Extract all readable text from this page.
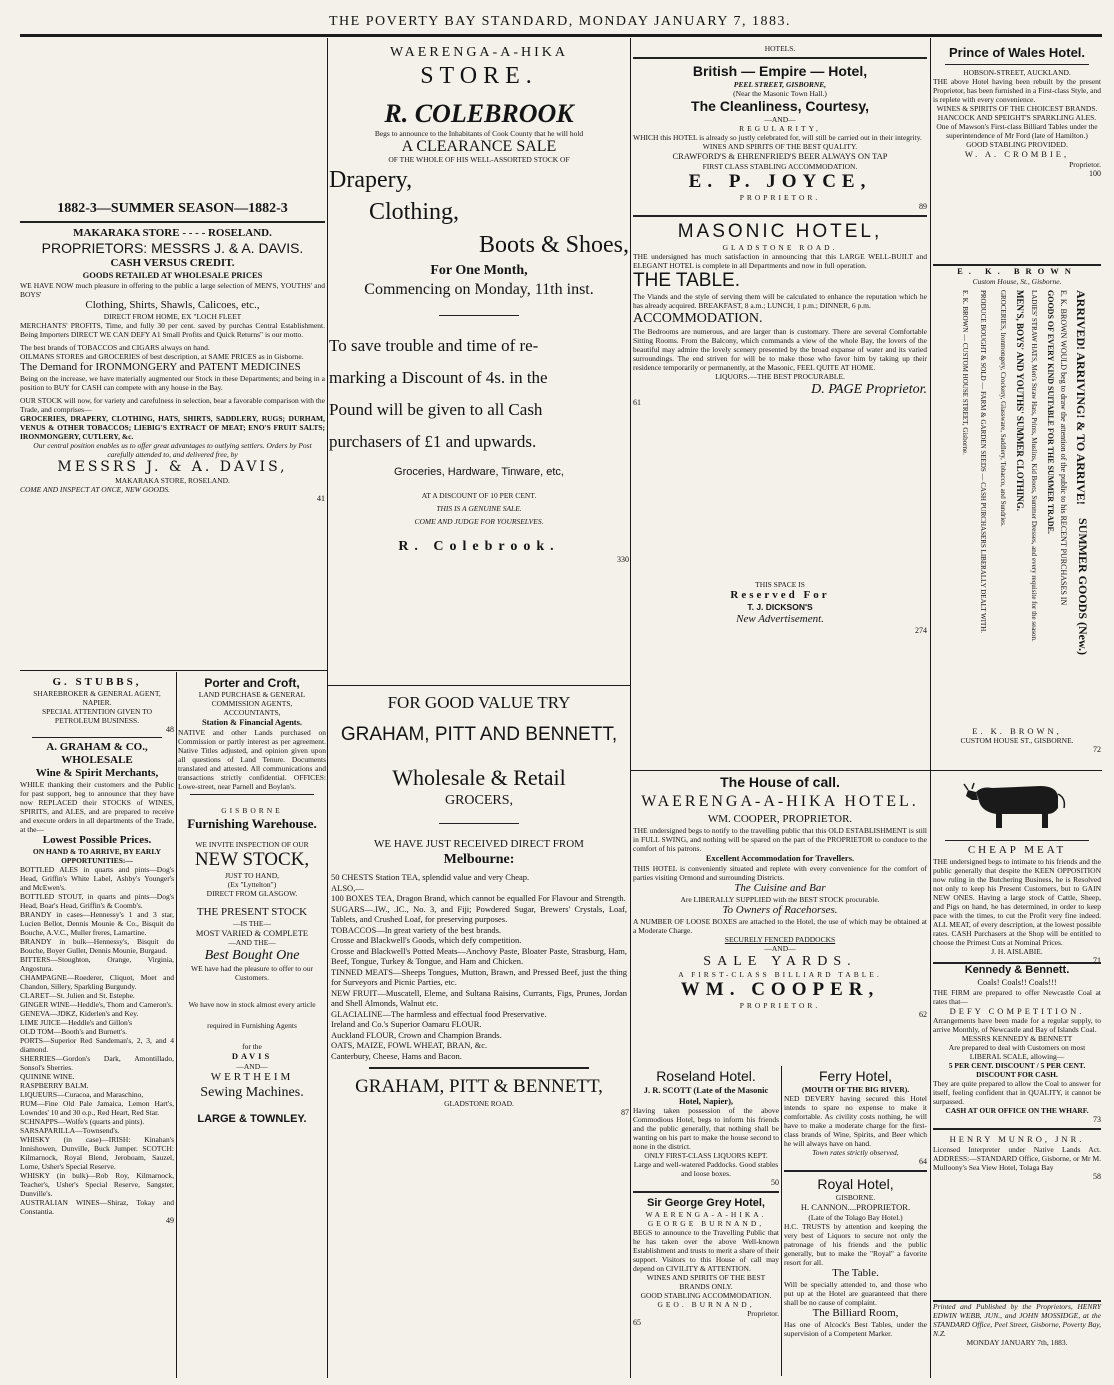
THE POVERTY BAY STANDARD, MONDAY JANUARY 7, 1883.

1882-3—SUMMER SEASON—1882-3

MAKARAKA STORE - - - - ROSELAND.

PROPRIETORS: MESSRS J. & A. DAVIS.

CASH VERSUS CREDIT.

GOODS RETAILED AT WHOLESALE PRICES

WE HAVE NOW much pleasure in offering to the public a large selection of MEN'S, YOUTHS' and BOYS'

Clothing, Shirts, Shawls, Calicoes, etc.,

DIRECT FROM HOME, EX "LOCH FLEET

MERCHANTS' PROFITS, Time, and fully 30 per cent. saved by purchas Central Establishment. Being Importers DIRECT WE CAN DEFY A1 Small Profits and Quick Returns" is our motto.

The best brands of TOBACCOS and CIGARS always on hand.

OILMANS STORES and GROCERIES of best description, at SAME PRICES as in Gisborne.

The Demand for IRONMONGERY and PATENT MEDICINES

Being on the increase, we have materially augmented our Stock in these Departments; and being in a position to BUY for CASH can compete with any house in the Bay.

OUR STOCK will now, for variety and carefulness in selection, bear a favorable comparison with the Trade, and comprises—

GROCERIES, DRAPERY, CLOTHING, HATS, SHIRTS, SADDLERY, RUGS; DURHAM, VENUS & OTHER TOBACCOS; LIEBIG'S EXTRACT OF MEAT; ENO'S FRUIT SALTS; IRONMONGERY, CUTLERY, &c.

Our central position enables us to offer great advantages to outlying settlers. Orders by Post carefully attended to, and delivered free, by

MESSRS J. & A. DAVIS,

MAKARAKA STORE, ROSELAND.

COME AND INSPECT AT ONCE, NEW GOODS.

41

G. STUBBS,

SHAREBROKER & GENERAL AGENT,

NAPIER.

SPECIAL ATTENTION GIVEN TO PETROLEUM BUSINESS.

48

A. GRAHAM & CO.,

WHOLESALE

Wine & Spirit Merchants,

WHILE thanking their customers and the Public for past support, beg to announce that they have now REPLACED their STOCKS of WINES, SPIRITS, and ALES, and are prepared to receive and execute orders in all departments of the Trade, at the—

Lowest Possible Prices.

ON HAND & TO ARRIVE, BY EARLY OPPORTUNITIES:—

BOTTLED ALES in quarts and pints—Dog's Head, Griffin's White Label, Ashby's Younger's and McEwen's.

BOTTLED STOUT, in quarts and pints—Dog's Head, Boar's Head, Griffin's & Coomb's.

BRANDY in cases—Hennessy's 1 and 3 star, Lucien Bellot, Dennis Mounie & Co., Bisquit du Bouche, A.V.C., Muller freres, Lamartine.

BRANDY in bulk—Hennessy's, Bisquit du Bouche, Boyer Gullet, Dennis Mounie, Burgaud.

BITTERS—Stoughton, Orange, Virginia, Angostura.

CHAMPAGNE—Roederer, Cliquot, Moet and Chandon, Sillery, Sparkling Burgundy.

CLARET—St. Julien and St. Estephe.

GINGER WINE—Heddle's, Thom and Cameron's.

GENEVA—JDKZ, Kiderlen's and Key.

LIME JUICE—Heddle's and Gillon's

OLD TOM—Booth's and Burnett's.

PORTS—Superior Red Sandeman's, 2, 3, and 4 diamond.

SHERRIES—Gordon's Dark, Amontillado, Sonsol's Sherries.

QUININE WINE.

RASPBERRY BALM.

LIQUEURS—Curacoa, and Maraschino,

RUM—Fine Old Pale Jamaica, Lemon Hart's, Lowndes' 10 and 30 o.p., Red Heart, Red Star.

SCHNAPPS—Wolfe's (quarts and pints).

SARSAPARILLA—Townsend's.

WHISKY (in case)—IRISH: Kinahan's Innishowen, Dunville, Buck Jumper. SCOTCH: Kilmarnock, Royal Blend, Jeroboam, Sauzel, Lorne, Usher's Special Reserve.

WHISKY (in bulk)—Rob Roy, Kilmarnock, Teacher's, Usher's Special Reserve, Sangster, Dunville's.

AUSTRALIAN WINES—Shiraz, Tokay and Constantia.

49

Porter and Croft,

LAND PURCHASE & GENERAL

COMMISSION AGENTS,

ACCOUNTANTS,

Station & Financial Agents.

NATIVE and other Lands purchased on Commission or partly interest as per agreement. Native Titles adjusted, and opinion given upon all questions of Land Tenure. Documents translated and attested. All communications and transactions strictly confidential. OFFICES: Lowe-street, near Parnell and Boylan's.

GISBORNE

Furnishing Warehouse.

WE INVITE INSPECTION OF OUR

NEW STOCK,

JUST TO HAND,

(Ex "Lyttelton")

DIRECT FROM GLASGOW.

THE PRESENT STOCK

—IS THE—

MOST VARIED & COMPLETE

—AND THE—

Best Bought One

WE have had the pleasure to offer to our Customers.

We have now in stock almost every article

required in Furnishing Agents

for the

DAVIS

—AND—

WERTHEIM

Sewing Machines.

LARGE & TOWNLEY.

WAERENGA-A-HIKA

STORE.

R. COLEBROOK

Begs to announce to the Inhabitants of Cook County that he will hold

A CLEARANCE SALE

OF THE WHOLE OF HIS WELL-ASSORTED STOCK OF

Drapery,

Clothing,

Boots & Shoes,

For One Month,

Commencing on Monday, 11th inst.

To save trouble and time of re-

marking a Discount of 4s. in the

Pound will be given to all Cash

purchasers of £1 and upwards.

Groceries, Hardware, Tinware, etc,

AT A DISCOUNT OF 10 PER CENT.

THIS IS A GENUINE SALE.

COME AND JUDGE FOR YOURSELVES.

R. Colebrook.

330

FOR GOOD VALUE TRY

GRAHAM, PITT AND BENNETT,

Wholesale & Retail

GROCERS,

WE HAVE JUST RECEIVED DIRECT FROM

Melbourne:

50 CHESTS Station TEA, splendid value and very Cheap.

ALSO,—

100 BOXES TEA, Dragon Brand, which cannot be equalled For Flavour and Strength.

SUGARS—.IW., .IC., No. 3, and Fiji; Powdered Sugar, Brewers' Crystals, Loaf, Tablets, and Crushed Loaf, for preserving purposes.

TOBACCOS—In great variety of the best brands.

Crosse and Blackwell's Goods, which defy competition.

Crosse and Blackwell's Potted Meats—Anchovy Paste, Bloater Paste, Strasburg, Ham, Beef, Tongue, Turkey & Tongue, and Ham and Chicken.

TINNED MEATS—Sheeps Tongues, Mutton, Brawn, and Pressed Beef, just the thing for Surveyors and Picnic Parties, etc.

NEW FRUIT—Muscatell, Eleme, and Sultana Raisins, Currants, Figs, Prunes, Jordan and Shell Almonds, Walnut etc.

GLACIALINE—The harmless and effectual food Preservative.

Ireland and Co.'s Superior Oamaru FLOUR.

Auckland FLOUR, Crown and Champion Brands.

OATS, MAIZE, FOWL WHEAT, BRAN, &c.

Canterbury, Cheese, Hams and Bacon.

GRAHAM, PITT & BENNETT,

GLADSTONE ROAD.

87

HOTELS.

British — Empire — Hotel,

PEEL STREET, GISBORNE,

(Near the Masonic Town Hall.)

The Cleanliness, Courtesy,

—AND—

REGULARITY,

WHICH this HOTEL is already so justly celebrated for, will still be carried out in their integrity.

WINES AND SPIRITS OF THE BEST QUALITY.

CRAWFORD'S & EHRENFRIED'S BEER ALWAYS ON TAP

FIRST CLASS STABLING ACCOMMODATION.

E. P. JOYCE,

PROPRIETOR.

89

MASONIC HOTEL,

GLADSTONE ROAD.

THE undersigned has much satisfaction in announcing that this LARGE WELL-BUILT and ELEGANT HOTEL is complete in all Departments and now in full operation.

THE TABLE.

The Viands and the style of serving them will be calculated to enhance the reputation which he has already acquired. BREAKFAST, 8 a.m.; LUNCH, 1 p.m.; DINNER, 6 p.m.

ACCOMMODATION.

The Bedrooms are numerous, and are larger than is customary. There are several Comfortable Sitting Rooms. From the Balcony, which commands a view of the whole Bay, the lovers of the beautiful may admire the lovely scenery presented by the broad expanse of water and its varied surroundings. The end striven for will be to make those who favor him by taking up their residence temporarily or permanently, at the Masonic, FEEL QUITE AT HOME.

LIQUORS.—THE BEST PROCURABLE.

D. PAGE Proprietor.

61

THIS SPACE IS

Reserved For

T. J. DICKSON'S

New Advertisement.

274

The House of call.

WAERENGA-A-HIKA HOTEL.

WM. COOPER, PROPRIETOR.

THE undersigned begs to notify to the travelling public that this OLD ESTABLISHMENT is still in FULL SWING, and nothing will be spared on the part of the PROPRIETOR to conduce to the comfort of his patrons.

Excellent Accommodation for Travellers.

THIS HOTEL is conveniently situated and replete with every convenience for the comfort of parties visiting Ormond and surrounding Districts.

The Cuisine and Bar

Are LIBERALLY SUPPLIED with the BEST STOCK procurable.

To Owners of Racehorses.

A NUMBER OF LOOSE BOXES are attached to the Hotel, the use of which may be obtained at a Moderate Charge.

SECURELY FENCED PADDOCKS

—AND—

SALE YARDS.

A FIRST-CLASS BILLIARD TABLE.

WM. COOPER,

PROPRIETOR.

62

Roseland Hotel.

J. R. SCOTT (Late of the Masonic Hotel, Napier),

Having taken possession of the above Commodious Hotel, begs to inform his friends and the public generally, that nothing shall be wanting on his part to make the house second to none in the district.

ONLY FIRST-CLASS LIQUORS KEPT.

Large and well-watered Paddocks. Good stables and loose boxes.

50

Sir George Grey Hotel,

WAERENGA-A-HIKA.

GEORGE BURNAND,

BEGS to announce to the Travelling Public that he has taken over the above Well-known Establishment and trusts to merit a share of their support. Visitors to this House of call may depend on CIVILITY & ATTENTION.

WINES AND SPIRITS OF THE BEST BRANDS ONLY.

GOOD STABLING ACCOMMODATION.

GEO. BURNAND,

Proprietor.

65

Ferry Hotel,

(MOUTH OF THE BIG RIVER).

NED DEVERY having secured this Hotel intends to spare no expense to make it comfortable. As civility costs nothing, he will have to make a moderate charge for the first-class brands of Wine, Spirits, and Beer which he will always have on hand.

Town rates strictly observed,

64

Royal Hotel,

GISBORNE.

H. CANNON....PROPRIETOR.

(Late of the Tolago Bay Hotel.)

H.C. TRUSTS by attention and keeping the very best of Liquors to secure not only the patronage of his friends and the public generally, but to make the "Royal" a favorite resort for all.

The Table.

Will be specially attended to, and those who put up at the Hotel are guaranteed that there shall be no cause of complaint.

The Billiard Room,

Has one of Alcock's Best Tables, under the supervision of a Competent Marker.

Prince of Wales Hotel.

HOBSON-STREET, AUCKLAND.

THE above Hotel having been rebuilt by the present Proprietor, has been furnished in a First-class Style, and is replete with every convenience.

WINES & SPIRITS OF THE CHOICEST BRANDS.

HANCOCK AND SPEIGHT'S SPARKLING ALES.

One of Mawson's First-class Billiard Tables under the superintendence of Mr Ford (late of Hamilton.)

GOOD STABLING PROVIDED.

W. A. CROMBIE,

Proprietor.

100

E. K. BROWN

Custom House, St., Gisborne.

ARRIVED! ARRIVING! & TO ARRIVE!
SUMMER GOODS (New.)
E. K. BROWN WOULD beg to draw the attention of the public to his RECENT PURCHASES IN
GOODS OF EVERY KIND SUITABLE FOR THE SUMMER TRADE.
LADIES' STRAW HATS, Men's Straw Hats, Prints, Muslins, Kid Boots, Summer Dresses, and every requisite for the season.
MEN'S, BOYS' AND YOUTHS' SUMMER CLOTHING.
GROCERIES, Ironmongery, Crockery, Glassware, Saddlery, Tobacco, and Sundries.
PRODUCE BOUGHT & SOLD — FARM & GARDEN SEEDS — CASH PURCHASERS LIBERALLY DEALT WITH.
E. K. BROWN — CUSTOM HOUSE STREET, Gisborne.

E. K. BROWN,

CUSTOM HOUSE ST., GISBORNE.

72

CHEAP MEAT

THE undersigned begs to intimate to his friends and the public generally that despite the KEEN OPPOSITION now ruling in the Butchering Business, he is Resolved not only to keep his Present Customers, but to GAIN NEW ONES. Having a large stock of Cattle, Sheep, and Pigs on hand, he has determined, in order to keep pace with the times, to cut the Profit very fine indeed. ALL MEAT, of every description, at the lowest possible rates. CASH Purchasers at the Shop will be entitled to choose the Primest Cuts at Nominal Prices.

J. H. AISLABIE.

71

Kennedy & Bennett.

Coals! Coals!! Coals!!!

THE FIRM are prepared to offer Newcastle Coal at rates that—

DEFY COMPETITION.

Arrangements have been made for a regular supply, to arrive Monthly, of Newcastle and Bay of Islands Coal.

MESSRS KENNEDY & BENNETT

Are prepared to deal with Customers on most LIBERAL SCALE, allowing—

5 PER CENT. DISCOUNT / 5 PER CENT. DISCOUNT FOR CASH.

They are quite prepared to allow the Coal to answer for itself, feeling confident that in QUALITY, it cannot be surpassed.

CASH AT OUR OFFICE ON THE WHARF.

73

HENRY MUNRO, JNR.

Licensed Interpreter under Native Lands Act. ADDRESS:—STANDARD Office, Gisborne, or Mr M. Mulloony's Sea View Hotel, Tolaga Bay

58

Printed and Published by the Proprietors, HENRY EDWIN WEBB, JUN., and JOHN MOSSIDGE, at the STANDARD Office, Peel Street, Gisborne, Poverty Bay, N.Z.

MONDAY JANUARY 7th, 1883.
